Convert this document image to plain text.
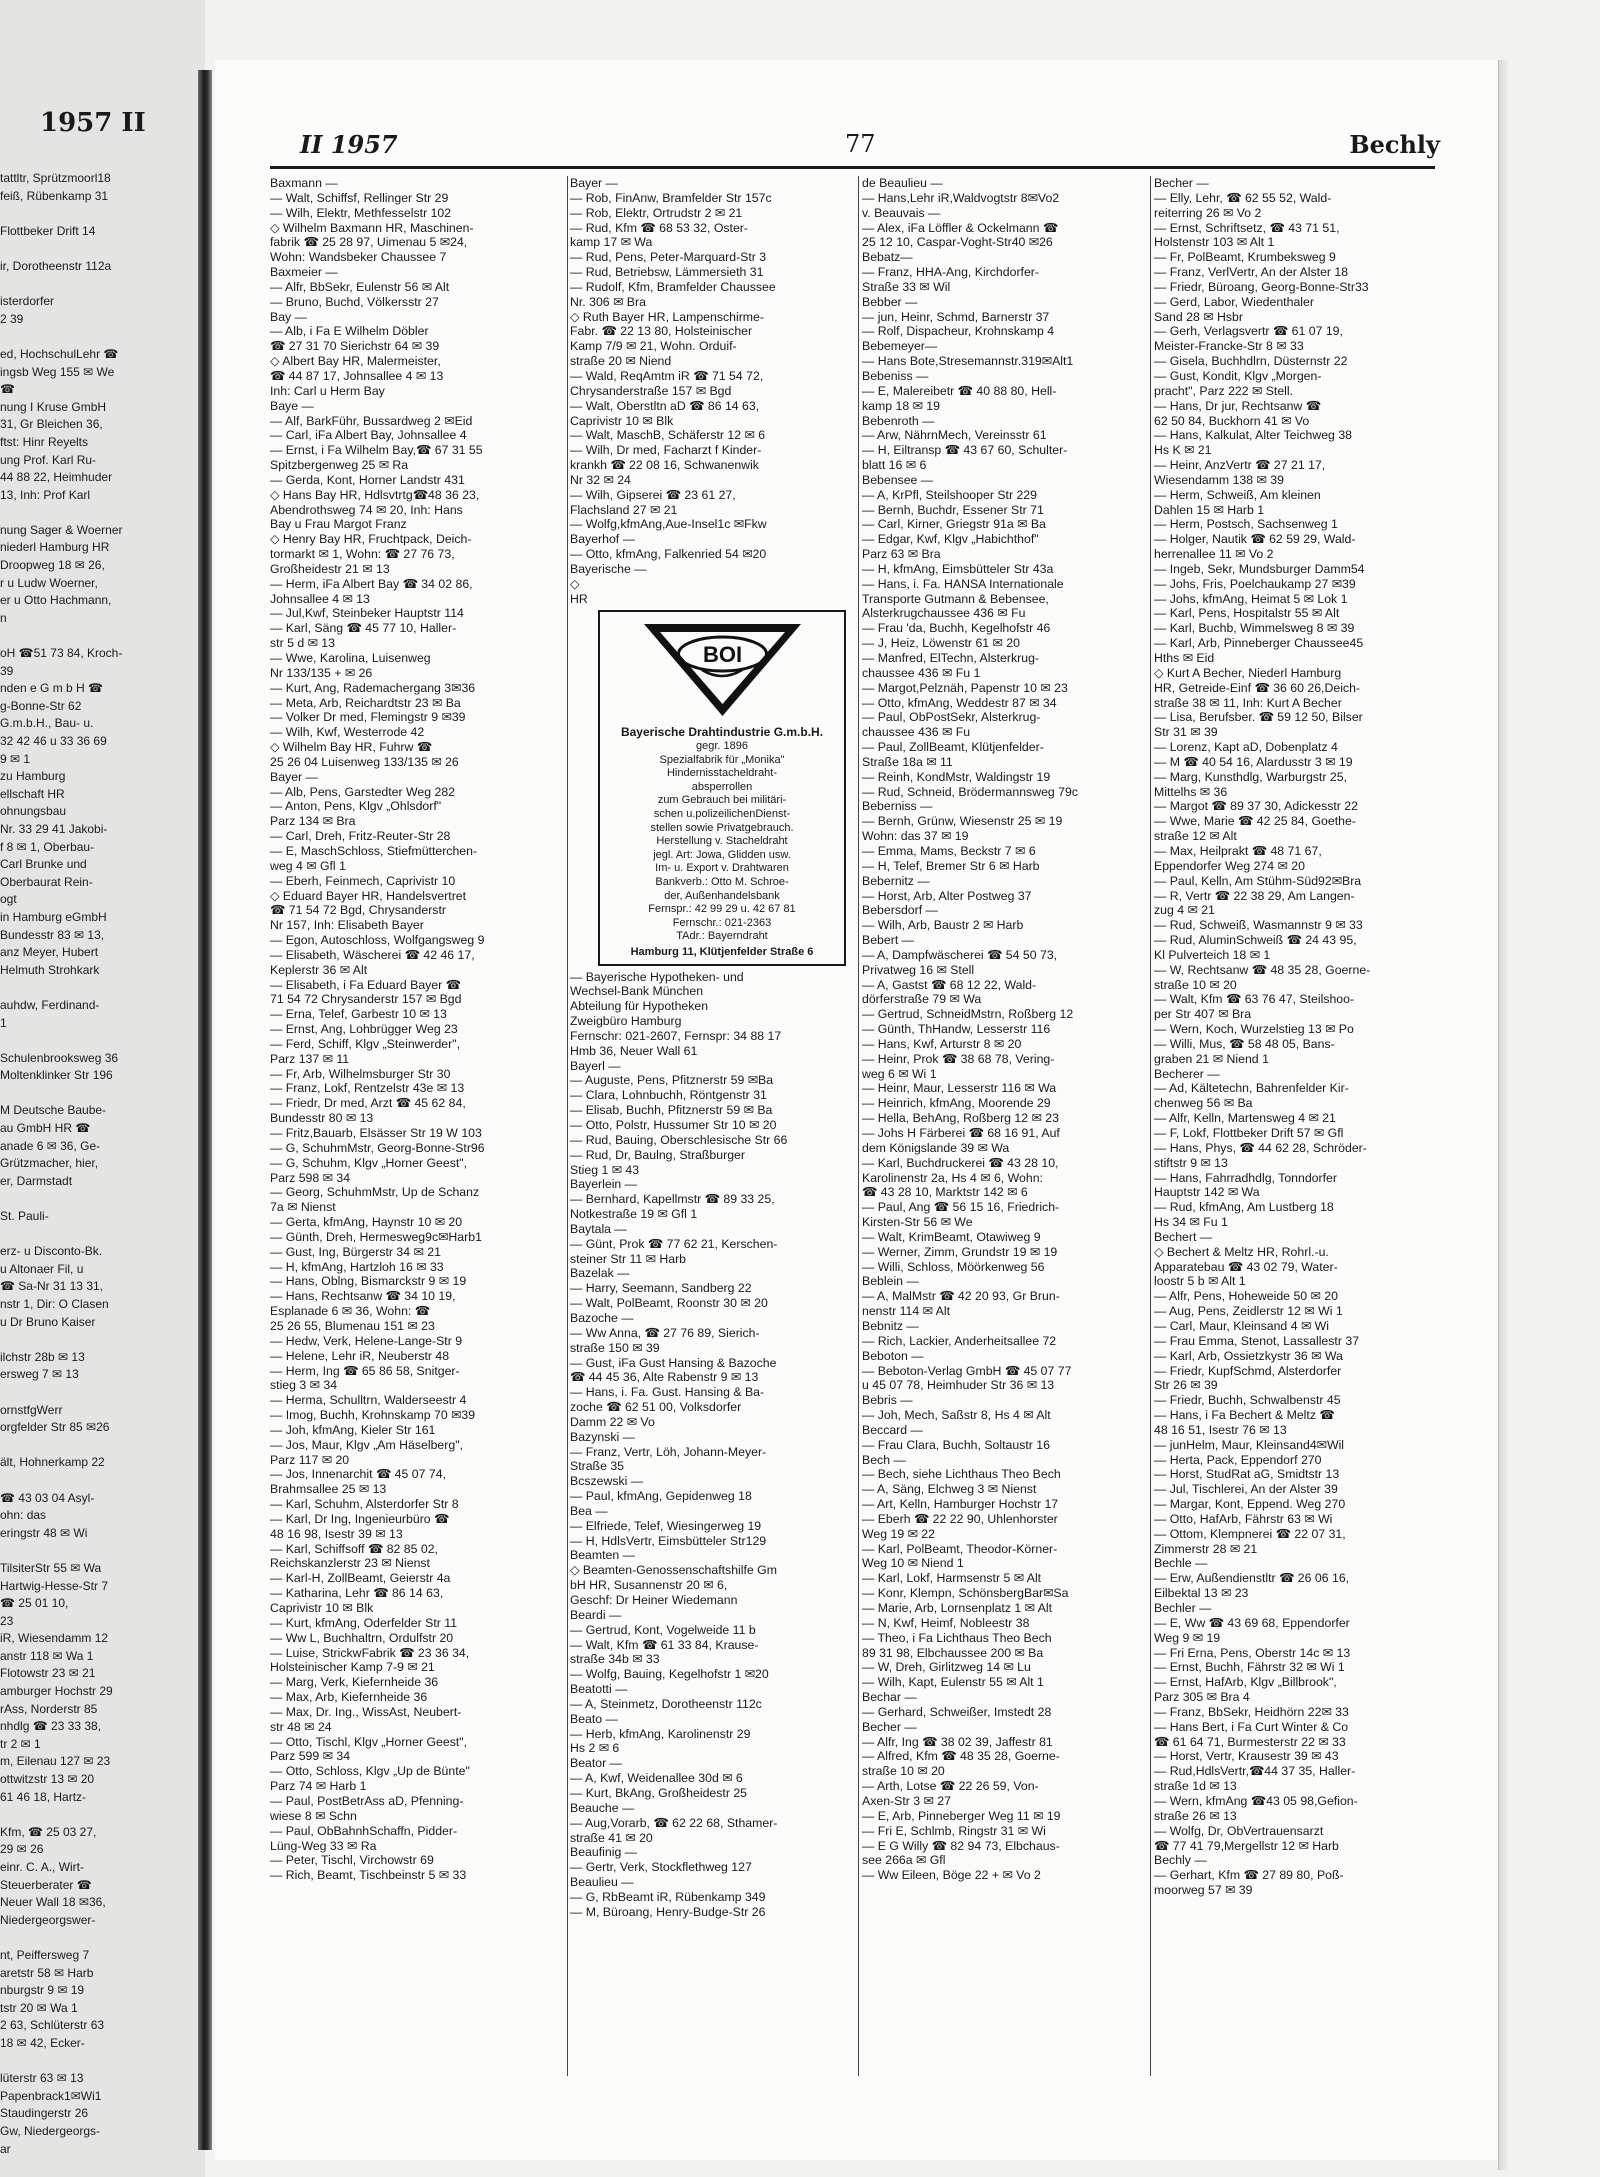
1957 II
tattltr, Sprützmoorl18
feiß, Rübenkamp 31

Flottbeker Drift 14

ir, Dorotheenstr 112a

isterdorfer
2 39

ed, HochschulLehr ☎
ingsb Weg 155 ✉ We
☎
nung I Kruse GmbH
31, Gr Bleichen 36,
ftst: Hinr Reyelts
ung Prof. Karl Ru-
44 88 22, Heimhuder
13, Inh: Prof Karl

nung Sager & Woerner
niederl Hamburg HR
Droopweg 18 ✉ 26,
r u Ludw Woerner,
er u Otto Hachmann,
n

oH ☎51 73 84, Kroch-
39
nden e G m b H ☎
g-Bonne-Str 62
G.m.b.H., Bau- u.
32 42 46 u 33 36 69
9 ✉ 1
zu Hamburg
ellschaft HR
ohnungsbau
Nr. 33 29 41 Jakobi-
f 8 ✉ 1, Oberbau-
Carl Brunke und
Oberbaurat Rein-
ogt
in Hamburg eGmbH
Bundesstr 83 ✉ 13,
anz Meyer, Hubert
Helmuth Strohkark

auhdw, Ferdinand-
1

Schulenbrooksweg 36
Moltenklinker Str 196

M Deutsche Baube-
au GmbH HR ☎
anade 6 ✉ 36, Ge-
Grützmacher, hier,
er, Darmstadt

St. Pauli-

erz- u Disconto-Bk.
u Altonaer Fil, u
☎ Sa-Nr 31 13 31,
nstr 1, Dir: O Clasen
u Dr Bruno Kaiser

ilchstr 28b ✉ 13
ersweg 7 ✉ 13

ornstfgWerr
orgfelder Str 85 ✉26

ält, Hohnerkamp 22

☎ 43 03 04 Asyl-
ohn: das
eringstr 48 ✉ Wi

TilsiterStr 55 ✉ Wa
Hartwig-Hesse-Str 7
☎ 25 01 10,
23
iR, Wiesendamm 12
anstr 118 ✉ Wa 1
Flotowstr 23 ✉ 21
amburger Hochstr 29
rAss, Norderstr 85
nhdlg ☎ 23 33 38,
tr 2 ✉ 1
m, Eilenau 127 ✉ 23
ottwitzstr 13 ✉ 20
61 46 18, Hartz-

Kfm, ☎ 25 03 27,
29 ✉ 26
einr. C. A., Wirt-
Steuerberater ☎
Neuer Wall 18 ✉36,
Niedergeorgswer-

nt, Peiffersweg 7
aretstr 58 ✉ Harb
nburgstr 9 ✉ 19
tstr 20 ✉ Wa 1
2 63, Schlüterstr 63
18 ✉ 42, Ecker-

lüterstr 63 ✉ 13
Papenbrack1✉Wi1
Staudingerstr 26
Gw, Niedergeorgs-
ar
II 1957	77	Bechly
Baxmann —
— Walt, Schiffsf, Rellinger Str 29
— Wilh, Elektr, Methfesselstr 102
◇ Wilhelm Baxmann HR, Maschinen-
fabrik ☎ 25 28 97, Uimenau 5 ✉24,
Wohn: Wandsbeker Chaussee 7
Baxmeier —
— Alfr, BbSekr, Eulenstr 56 ✉ Alt
— Bruno, Buchd, Völkersstr 27
Bay —
— Alb, i Fa E Wilhelm Döbler
☎ 27 31 70 Sierichstr 64 ✉ 39
◇ Albert Bay HR, Malermeister,
☎ 44 87 17, Johnsallee 4 ✉ 13
Inh: Carl u Herm Bay
Baye —
— Alf, BarkFühr, Bussardweg 2 ✉Eid
— Carl, iFa Albert Bay, Johnsallee 4
— Ernst, i Fa Wilhelm Bay,☎ 67 31 55
Spitzbergenweg 25 ✉ Ra
— Gerda, Kont, Horner Landstr 431
◇ Hans Bay HR, Hdlsvtrtg☎48 36 23,
Abendrothsweg 74 ✉ 20, Inh: Hans
Bay u Frau Margot Franz
◇ Henry Bay HR, Fruchtpack, Deich-
tormarkt ✉ 1, Wohn: ☎ 27 76 73,
Großheidestr 21 ✉ 13
— Herm, iFa Albert Bay ☎ 34 02 86,
Johnsallee 4 ✉ 13
— Jul,Kwf, Steinbeker Hauptstr 114
— Karl, Säng ☎ 45 77 10, Haller-
str 5 d ✉ 13
— Wwe, Karolina, Luisenweg
Nr 133/135 + ✉ 26
— Kurt, Ang, Rademachergang 3✉36
— Meta, Arb, Reichardtstr 23 ✉ Ba
— Volker Dr med, Flemingstr 9 ✉39
— Wilh, Kwf, Westerrode 42
◇ Wilhelm Bay HR, Fuhrw ☎
25 26 04 Luisenweg 133/135 ✉ 26
Bayer —
— Alb, Pens, Garstedter Weg 282
— Anton, Pens, Klgv „Ohlsdorf"
Parz 134 ✉ Bra
— Carl, Dreh, Fritz-Reuter-Str 28
— E, MaschSchloss, Stiefmütterchen-
weg 4 ✉ Gfl 1
— Eberh, Feinmech, Caprivistr 10
◇ Eduard Bayer HR, Handelsvertret
☎ 71 54 72 Bgd, Chrysanderstr
Nr 157, Inh: Elisabeth Bayer
— Egon, Autoschloss, Wolfgangsweg 9
— Elisabeth, Wäscherei ☎ 42 46 17,
Keplerstr 36 ✉ Alt
— Elisabeth, i Fa Eduard Bayer ☎
71 54 72 Chrysanderstr 157 ✉ Bgd
— Erna, Telef, Garbestr 10 ✉ 13
— Ernst, Ang, Lohbrügger Weg 23
— Ferd, Schiff, Klgv „Steinwerder",
Parz 137 ✉ 11
— Fr, Arb, Wilhelmsburger Str 30
— Franz, Lokf, Rentzelstr 43e ✉ 13
— Friedr, Dr med, Arzt ☎ 45 62 84,
Bundesstr 80 ✉ 13
— Fritz,Bauarb, Elsässer Str 19 W 103
— G, SchuhmMstr, Georg-Bonne-Str96
— G, Schuhm, Klgv „Horner Geest",
Parz 598 ✉ 34
— Georg, SchuhmMstr, Up de Schanz
7a ✉ Nienst
— Gerta, kfmAng, Haynstr 10 ✉ 20
— Günth, Dreh, Hermesweg9c✉Harb1
— Gust, Ing, Bürgerstr 34 ✉ 21
— H, kfmAng, Hartzloh 16 ✉ 33
— Hans, Oblng, Bismarckstr 9 ✉ 19
— Hans, Rechtsanw ☎ 34 10 19,
Esplanade 6 ✉ 36, Wohn: ☎
25 26 55, Blumenau 151 ✉ 23
— Hedw, Verk, Helene-Lange-Str 9
— Helene, Lehr iR, Neuberstr 48
— Herm, Ing ☎ 65 86 58, Snitger-
stieg 3 ✉ 34
— Herma, Schulltrn, Walderseestr 4
— Imog, Buchh, Krohnskamp 70 ✉39
— Joh, kfmAng, Kieler Str 161
— Jos, Maur, Klgv „Am Häselberg",
Parz 117 ✉ 20
— Jos, Innenarchit ☎ 45 07 74,
Brahmsallee 25 ✉ 13
— Karl, Schuhm, Alsterdorfer Str 8
— Karl, Dr Ing, Ingenieurbüro ☎
48 16 98, Isestr 39 ✉ 13
— Karl, Schiffsoff ☎ 82 85 02,
Reichskanzlerstr 23 ✉ Nienst
— Karl-H, ZollBeamt, Geierstr 4a
— Katharina, Lehr ☎ 86 14 63,
Caprivistr 10 ✉ Blk
— Kurt, kfmAng, Oderfelder Str 11
— Ww L, Buchhaltrn, Ordulfstr 20
— Luise, StrickwFabrik ☎ 23 36 34,
Holsteinischer Kamp 7-9 ✉ 21
— Marg, Verk, Kiefernheide 36
— Max, Arb, Kiefernheide 36
— Max, Dr. Ing., WissAst, Neubert-
str 48 ✉ 24
— Otto, Tischl, Klgv „Horner Geest",
Parz 599 ✉ 34
— Otto, Schloss, Klgv „Up de Bünte"
Parz 74 ✉ Harb 1
— Paul, PostBetrAss aD, Pfenning-
wiese 8 ✉ Schn
— Paul, ObBahnhSchaffn, Pidder-
Lüng-Weg 33 ✉ Ra
— Peter, Tischl, Virchowstr 69
— Rich, Beamt, Tischbeinstr 5 ✉ 33
Bayer —
— Rob, FinAnw, Bramfelder Str 157c
— Rob, Elektr, Ortrudstr 2 ✉ 21
— Rud, Kfm ☎ 68 53 32, Oster-
kamp 17 ✉ Wa
— Rud, Pens, Peter-Marquard-Str 3
— Rud, Betriebsw, Lämmersieth 31
— Rudolf, Kfm, Bramfelder Chaussee
Nr. 306 ✉ Bra
◇ Ruth Bayer HR, Lampenschirme-
Fabr. ☎ 22 13 80, Holsteinischer
Kamp 7/9 ✉ 21, Wohn. Orduif-
straße 20 ✉ Niend
— Wald, ReqAmtm iR ☎ 71 54 72,
Chrysanderstraße 157 ✉ Bgd
— Walt, Oberstltn aD ☎ 86 14 63,
Caprivistr 10 ✉ Blk
— Walt, MaschB, Schäferstr 12 ✉ 6
— Wilh, Dr med, Facharzt f Kinder-
krankh ☎ 22 08 16, Schwanenwik
Nr 32 ✉ 24
— Wilh, Gipserei ☎ 23 61 27,
Flachsland 27 ✉ 21
— Wolfg,kfmAng,Aue-Insel1c ✉Fkw
Bayerhof —
— Otto, kfmAng, Falkenried 54 ✉20
Bayerische —
◇
HR
BOI
Bayerische Drahtindustrie G.m.b.H.
gegr. 1896
Spezialfabrik für „Monika"
Hindernisstacheldraht-
absperrollen
zum Gebrauch bei militäri-
schen u.polizeilichenDienst-
stellen sowie Privatgebrauch.
Herstellung v. Stacheldraht
jegl. Art: Jowa, Glidden usw.
Im- u. Export v. Drahtwaren
Bankverb.: Otto M. Schroe-
der, Außenhandelsbank
Fernspr.: 42 99 29 u. 42 67 81
Fernschr.: 021-2363
TAdr.: Bayerndraht
Hamburg 11, Klütjenfelder Straße 6
— Bayerische Hypotheken- und
Wechsel-Bank München
Abteilung für Hypotheken
Zweigbüro Hamburg
Fernschr: 021-2607, Fernspr: 34 88 17
Hmb 36, Neuer Wall 61
Bayerl —
— Auguste, Pens, Pfitznerstr 59 ✉Ba
— Clara, Lohnbuchh, Röntgenstr 31
— Elisab, Buchh, Pfitznerstr 59 ✉ Ba
— Otto, Polstr, Hussumer Str 10 ✉ 20
— Rud, Bauing, Oberschlesische Str 66
— Rud, Dr, Baulng, Straßburger
Stieg 1 ✉ 43
Bayerlein —
— Bernhard, Kapellmstr ☎ 89 33 25,
Notkestraße 19 ✉ Gfl 1
Baytala —
— Günt, Prok ☎ 77 62 21, Kerschen-
steiner Str 11 ✉ Harb
Bazelak —
— Harry, Seemann, Sandberg 22
— Walt, PolBeamt, Roonstr 30 ✉ 20
Bazoche —
— Ww Anna, ☎ 27 76 89, Sierich-
straße 150 ✉ 39
— Gust, iFa Gust Hansing & Bazoche
☎ 44 45 36, Alte Rabenstr 9 ✉ 13
— Hans, i. Fa. Gust. Hansing & Ba-
zoche ☎ 62 51 00, Volksdorfer
Damm 22 ✉ Vo
Bazynski —
— Franz, Vertr, Löh, Johann-Meyer-
Straße 35
Bcszewski —
— Paul, kfmAng, Gepidenweg 18
Bea —
— Elfriede, Telef, Wiesingerweg 19
— H, HdlsVertr, Eimsbütteler Str129
Beamten —
◇ Beamten-Genossenschaftshilfe Gm
bH HR, Susannenstr 20 ✉ 6,
Geschf: Dr Heiner Wiedemann
Beardi —
— Gertrud, Kont, Vogelweide 11 b
— Walt, Kfm ☎ 61 33 84, Krause-
straße 34b ✉ 33
— Wolfg, Bauing, Kegelhofstr 1 ✉20
Beatotti —
— A, Steinmetz, Dorotheenstr 112c
Beato —
— Herb, kfmAng, Karolinenstr 29
Hs 2 ✉ 6
Beator —
— A, Kwf, Weidenallee 30d ✉ 6
— Kurt, BkAng, Großheidestr 25
Beauche —
— Aug,Vorarb, ☎ 62 22 68, Sthamer-
straße 41 ✉ 20
Beaufinig —
— Gertr, Verk, Stockflethweg 127
Beaulieu —
— G, RbBeamt iR, Rübenkamp 349
— M, Büroang, Henry-Budge-Str 26
de Beaulieu —
— Hans,Lehr iR,Waldvogtstr 8✉Vo2
v. Beauvais —
— Alex, iFa Löffler & Ockelmann ☎
25 12 10, Caspar-Voght-Str40 ✉26
Bebatz—
— Franz, HHA-Ang, Kirchdorfer-
Straße 33 ✉ Wil
Bebber —
— jun, Heinr, Schmd, Barnerstr 37
— Rolf, Dispacheur, Krohnskamp 4
Bebemeyer—
— Hans Bote,Stresemannstr.319✉Alt1
Bebeniss —
— E, Malereibetr ☎ 40 88 80, Hell-
kamp 18 ✉ 19
Bebenroth —
— Arw, NährnMech, Vereinsstr 61
— H, Eiltransp ☎ 43 67 60, Schulter-
blatt 16 ✉ 6
Bebensee —
— A, KrPfl, Steilshooper Str 229
— Bernh, Buchdr, Essener Str 71
— Carl, Kirner, Griegstr 91a ✉ Ba
— Edgar, Kwf, Klgv „Habichthof"
Parz 63 ✉ Bra
— H, kfmAng, Eimsbütteler Str 43a
— Hans, i. Fa. HANSA Internationale
Transporte Gutmann & Bebensee,
Alsterkrugchaussee 436 ✉ Fu
— Frau 'da, Buchh, Kegelhofstr 46
— J, Heiz, Löwenstr 61 ✉ 20
— Manfred, ElTechn, Alsterkrug-
chaussee 436 ✉ Fu 1
— Margot,Pelznäh, Papenstr 10 ✉ 23
— Otto, kfmAng, Weddestr 87 ✉ 34
— Paul, ObPostSekr, Alsterkrug-
chaussee 436 ✉ Fu
— Paul, ZollBeamt, Klütjenfelder-
Straße 18a ✉ 11
— Reinh, KondMstr, Waldingstr 19
— Rud, Schneid, Brödermannsweg 79c
Beberniss —
— Bernh, Grünw, Wiesenstr 25 ✉ 19
Wohn: das 37 ✉ 19
— Emma, Mams, Beckstr 7 ✉ 6
— H, Telef, Bremer Str 6 ✉ Harb
Bebernitz —
— Horst, Arb, Alter Postweg 37
Bebersdorf —
— Wilh, Arb, Baustr 2 ✉ Harb
Bebert —
— A, Dampfwäscherei ☎ 54 50 73,
Privatweg 16 ✉ Stell
— A, Gastst ☎ 68 12 22, Wald-
dörferstraße 79 ✉ Wa
— Gertrud, SchneidMstrn, Roßberg 12
— Günth, ThHandw, Lesserstr 116
— Hans, Kwf, Arturstr 8 ✉ 20
— Heinr, Prok ☎ 38 68 78, Vering-
weg 6 ✉ Wi 1
— Heinr, Maur, Lesserstr 116 ✉ Wa
— Heinrich, kfmAng, Moorende 29
— Hella, BehAng, Roßberg 12 ✉ 23
— Johs H Färberei ☎ 68 16 91, Auf
dem Königslande 39 ✉ Wa
— Karl, Buchdruckerei ☎ 43 28 10,
Karolinenstr 2a, Hs 4 ✉ 6, Wohn:
☎ 43 28 10, Marktstr 142 ✉ 6
— Paul, Ang ☎ 56 15 16, Friedrich-
Kirsten-Str 56 ✉ We
— Walt, KrimBeamt, Otawiweg 9
— Werner, Zimm, Grundstr 19 ✉ 19
— Willi, Schloss, Möörkenweg 56
Beblein —
— A, MalMstr ☎ 42 20 93, Gr Brun-
nenstr 114 ✉ Alt
Bebnitz —
— Rich, Lackier, Anderheitsallee 72
Beboton —
— Beboton-Verlag GmbH ☎ 45 07 77
u 45 07 78, Heimhuder Str 36 ✉ 13
Bebris —
— Joh, Mech, Saßstr 8, Hs 4 ✉ Alt
Beccard —
— Frau Clara, Buchh, Soltaustr 16
Bech —
— Bech, siehe Lichthaus Theo Bech
— A, Säng, Elchweg 3 ✉ Nienst
— Art, Kelln, Hamburger Hochstr 17
— Eberh ☎ 22 22 90, Uhlenhorster
Weg 19 ✉ 22
— Karl, PolBeamt, Theodor-Körner-
Weg 10 ✉ Niend 1
— Karl, Lokf, Harmsenstr 5 ✉ Alt
— Konr, Klempn, SchönsbergBar✉Sa
— Marie, Arb, Lornsenplatz 1 ✉ Alt
— N, Kwf, Heimf, Nobleestr 38
— Theo, i Fa Lichthaus Theo Bech
89 31 98, Elbchaussee 200 ✉ Ba
— W, Dreh, Girlitzweg 14 ✉ Lu
— Wilh, Kapt, Eulenstr 55 ✉ Alt 1
Bechar —
— Gerhard, Schweißer, Imstedt 28
Becher —
— Alfr, Ing ☎ 38 02 39, Jaffestr 81
— Alfred, Kfm ☎ 48 35 28, Goerne-
straße 10 ✉ 20
— Arth, Lotse ☎ 22 26 59, Von-
Axen-Str 3 ✉ 27
— E, Arb, Pinneberger Weg 11 ✉ 19
— Fri E, Schlmb, Ringstr 31 ✉ Wi
— E G Willy ☎ 82 94 73, Elbchaus-
see 266a ✉ Gfl
— Ww Eileen, Böge 22 + ✉ Vo 2
Becher —
— Elly, Lehr, ☎ 62 55 52, Wald-
reiterring 26 ✉ Vo 2
— Ernst, Schriftsetz, ☎ 43 71 51,
Holstenstr 103 ✉ Alt 1
— Fr, PolBeamt, Krumbeksweg 9
— Franz, VerlVertr, An der Alster 18
— Friedr, Büroang, Georg-Bonne-Str33
— Gerd, Labor, Wiedenthaler
Sand 28 ✉ Hsbr
— Gerh, Verlagsvertr ☎ 61 07 19,
Meister-Francke-Str 8 ✉ 33
— Gisela, Buchhdlrn, Düsternstr 22
— Gust, Kondit, Klgv „Morgen-
pracht", Parz 222 ✉ Stell.
— Hans, Dr jur, Rechtsanw ☎
62 50 84, Buckhorn 41 ✉ Vo
— Hans, Kalkulat, Alter Teichweg 38
Hs K ✉ 21
— Heinr, AnzVertr ☎ 27 21 17,
Wiesendamm 138 ✉ 39
— Herm, Schweiß, Am kleinen
Dahlen 15 ✉ Harb 1
— Herm, Postsch, Sachsenweg 1
— Holger, Nautik ☎ 62 59 29, Wald-
herrenallee 11 ✉ Vo 2
— Ingeb, Sekr, Mundsburger Damm54
— Johs, Fris, Poelchaukamp 27 ✉39
— Johs, kfmAng, Heimat 5 ✉ Lok 1
— Karl, Pens, Hospitalstr 55 ✉ Alt
— Karl, Buchb, Wimmelsweg 8 ✉ 39
— Karl, Arb, Pinneberger Chaussee45
Hths ✉ Eid
◇ Kurt A Becher, Niederl Hamburg
HR, Getreide-Einf ☎ 36 60 26,Deich-
straße 38 ✉ 11, Inh: Kurt A Becher
— Lisa, Berufsber. ☎ 59 12 50, Bilser
Str 31 ✉ 39
— Lorenz, Kapt aD, Dobenplatz 4
— M ☎ 40 54 16, Alardusstr 3 ✉ 19
— Marg, Kunsthdlg, Warburgstr 25,
Mittelhs ✉ 36
— Margot ☎ 89 37 30, Adickesstr 22
— Wwe, Marie ☎ 42 25 84, Goethe-
straße 12 ✉ Alt
— Max, Heilprakt ☎ 48 71 67,
Eppendorfer Weg 274 ✉ 20
— Paul, Kelln, Am Stühm-Süd92✉Bra
— R, Vertr ☎ 22 38 29, Am Langen-
zug 4 ✉ 21
— Rud, Schweiß, Wasmannstr 9 ✉ 33
— Rud, AluminSchweiß ☎ 24 43 95,
Kl Pulverteich 18 ✉ 1
— W, Rechtsanw ☎ 48 35 28, Goerne-
straße 10 ✉ 20
— Walt, Kfm ☎ 63 76 47, Steilshoo-
per Str 407 ✉ Bra
— Wern, Koch, Wurzelstieg 13 ✉ Po
— Willi, Mus, ☎ 58 48 05, Bans-
graben 21 ✉ Niend 1
Becherer —
— Ad, Kältetechn, Bahrenfelder Kir-
chenweg 56 ✉ Ba
— Alfr, Kelln, Martensweg 4 ✉ 21
— F, Lokf, Flottbeker Drift 57 ✉ Gfl
— Hans, Phys, ☎ 44 62 28, Schröder-
stiftstr 9 ✉ 13
— Hans, Fahrradhdlg, Tonndorfer
Hauptstr 142 ✉ Wa
— Rud, kfmAng, Am Lustberg 18
Hs 34 ✉ Fu 1
Bechert —
◇ Bechert & Meltz HR, Rohrl.-u.
Apparatebau ☎ 43 02 79, Water-
loostr 5 b ✉ Alt 1
— Alfr, Pens, Hoheweide 50 ✉ 20
— Aug, Pens, Zeidlerstr 12 ✉ Wi 1
— Carl, Maur, Kleinsand 4 ✉ Wi
— Frau Emma, Stenot, Lassallestr 37
— Karl, Arb, Ossietzkystr 36 ✉ Wa
— Friedr, KupfSchmd, Alsterdorfer
Str 26 ✉ 39
— Friedr, Buchh, Schwalbenstr 45
— Hans, i Fa Bechert & Meltz ☎
48 16 51, Isestr 76 ✉ 13
— junHelm, Maur, Kleinsand4✉Wil
— Herta, Pack, Eppendorf 270
— Horst, StudRat aG, Smidtstr 13
— Jul, Tischlerei, An der Alster 39
— Margar, Kont, Eppend. Weg 270
— Otto, HafArb, Fährstr 63 ✉ Wi
— Ottom, Klempnerei ☎ 22 07 31,
Zimmerstr 28 ✉ 21
Bechle —
— Erw, Außendienstltr ☎ 26 06 16,
Eilbektal 13 ✉ 23
Bechler —
— E, Ww ☎ 43 69 68, Eppendorfer
Weg 9 ✉ 19
— Fri Erna, Pens, Oberstr 14c ✉ 13
— Ernst, Buchh, Fährstr 32 ✉ Wi 1
— Ernst, HafArb, Klgv „Billbrook",
Parz 305 ✉ Bra 4
— Franz, BbSekr, Heidhörn 22✉ 33
— Hans Bert, i Fa Curt Winter & Co
☎ 61 64 71, Burmesterstr 22 ✉ 33
— Horst, Vertr, Krausestr 39 ✉ 43
— Rud,HdlsVertr,☎44 37 35, Haller-
straße 1d ✉ 13
— Wern, kfmAng ☎43 05 98,Gefion-
straße 26 ✉ 13
— Wolfg, Dr, ObVertrauensarzt
☎ 77 41 79,Mergellstr 12 ✉ Harb
Bechly —
— Gerhart, Kfm ☎ 27 89 80, Poß-
moorweg 57 ✉ 39
